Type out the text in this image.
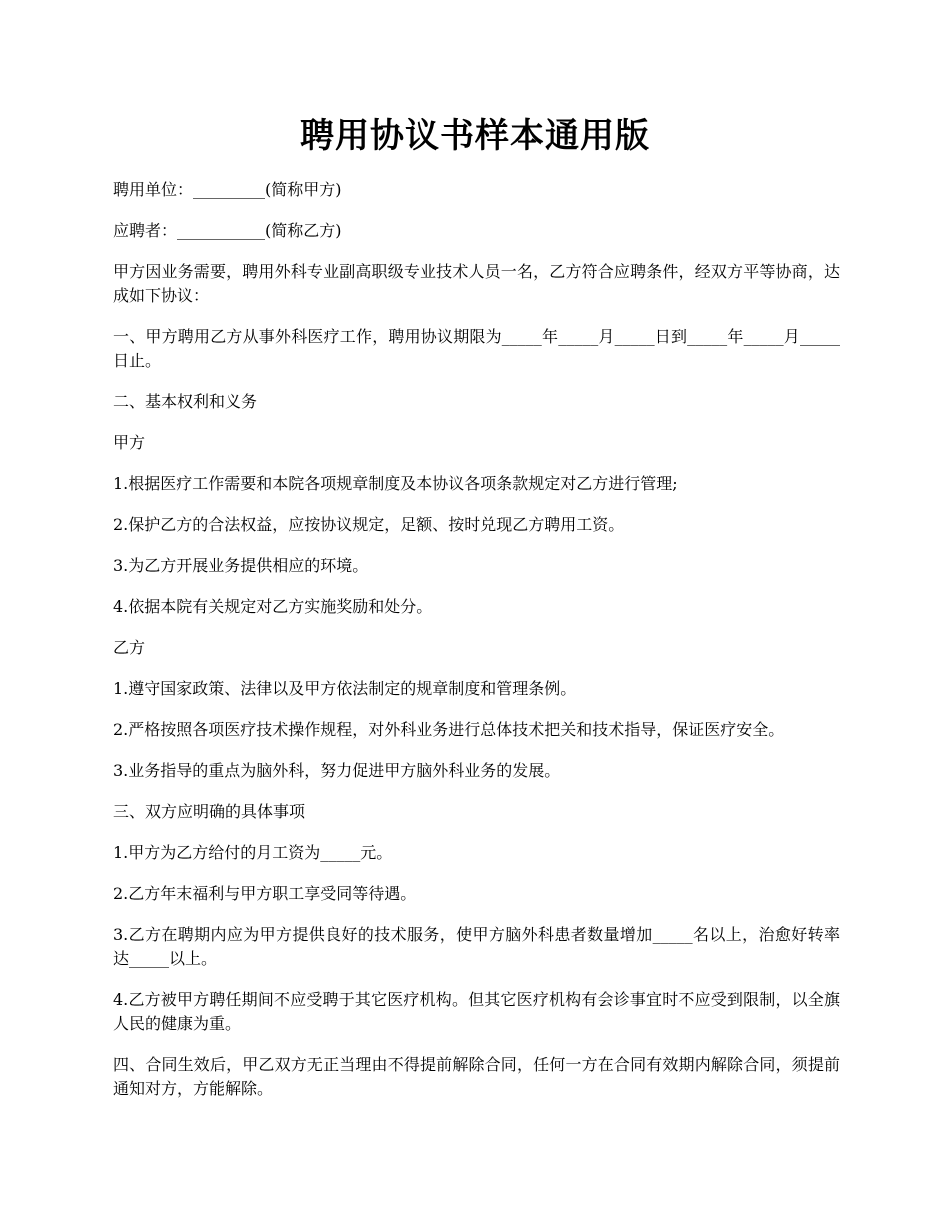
聘用协议书样本通用版

聘用单位：_________(简称甲方)

应聘者：___________(简称乙方)

甲方因业务需要，聘用外科专业副高职级专业技术人员一名，乙方符合应聘条件，经双方平等协商，达成如下协议：

一、甲方聘用乙方从事外科医疗工作，聘用协议期限为_____年_____月_____日到_____年_____月_____日止。

二、基本权利和义务

甲方

1.根据医疗工作需要和本院各项规章制度及本协议各项条款规定对乙方进行管理;

2.保护乙方的合法权益，应按协议规定，足额、按时兑现乙方聘用工资。

3.为乙方开展业务提供相应的环境。

4.依据本院有关规定对乙方实施奖励和处分。

乙方

1.遵守国家政策、法律以及甲方依法制定的规章制度和管理条例。

2.严格按照各项医疗技术操作规程，对外科业务进行总体技术把关和技术指导，保证医疗安全。

3.业务指导的重点为脑外科，努力促进甲方脑外科业务的发展。

三、双方应明确的具体事项

1.甲方为乙方给付的月工资为_____元。

2.乙方年末福利与甲方职工享受同等待遇。

3.乙方在聘期内应为甲方提供良好的技术服务，使甲方脑外科患者数量增加_____名以上，治愈好转率达_____以上。

4.乙方被甲方聘任期间不应受聘于其它医疗机构。但其它医疗机构有会诊事宜时不应受到限制，以全旗人民的健康为重。

四、合同生效后，甲乙双方无正当理由不得提前解除合同，任何一方在合同有效期内解除合同，须提前通知对方，方能解除。
